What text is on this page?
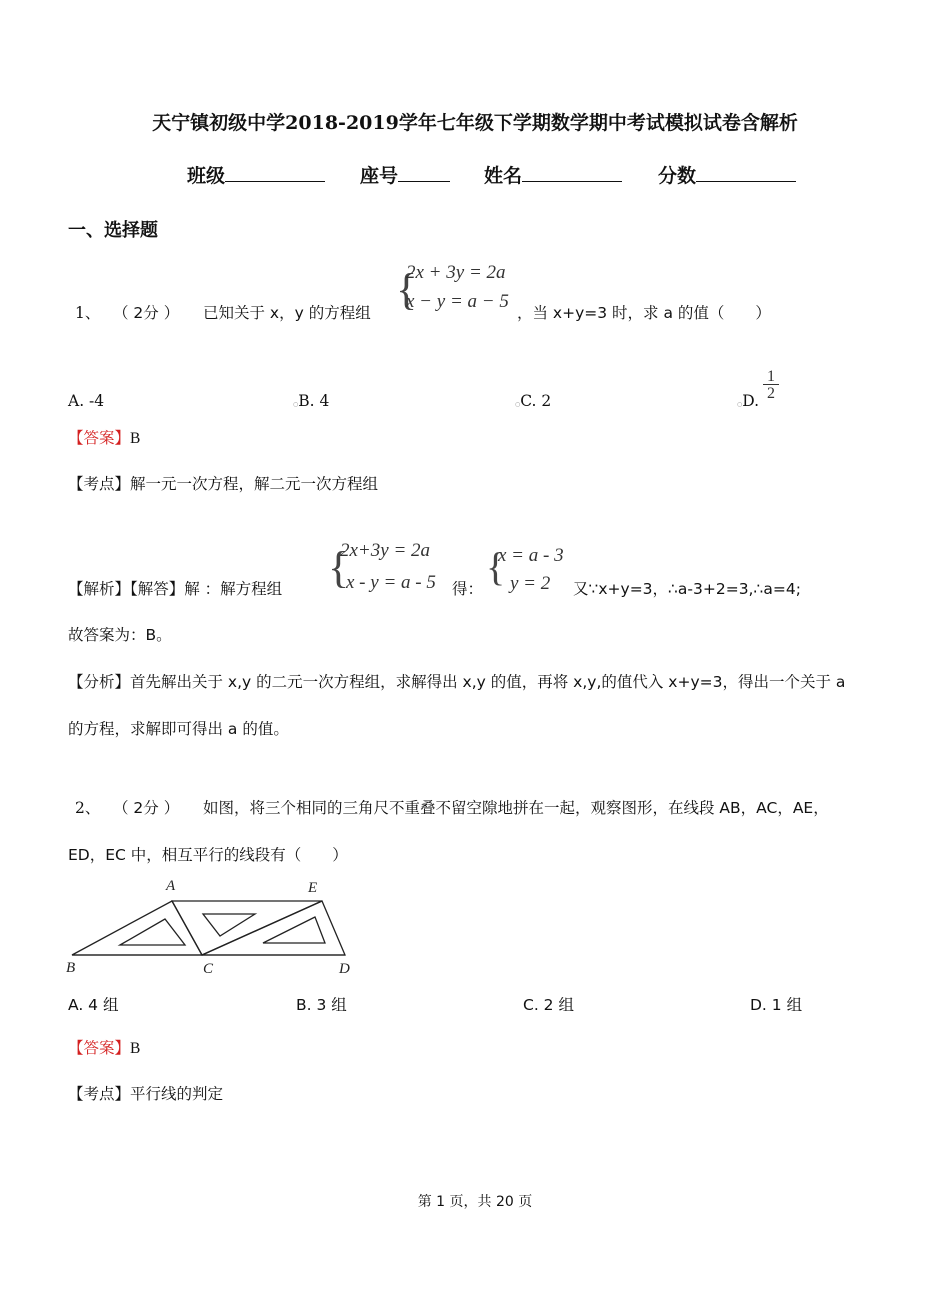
天宁镇初级中学2018-2019学年七年级下学期数学期中考试模拟试卷含解析
班级	座号	姓名	分数
一、选择题
1、 （ 2分 ） 已知关于 x，y 的方程组 {
2x + 3y = 2a
x − y = a − 5
，当 x+y=3 时，求 a 的值（　　）
A. -4	○B. 4	○C. 2	○D. $\frac{1}{2}$
【答案】B
【考点】解一元一次方程，解二元一次方程组
【解析】【解答】解 ：解方程组 {
2x+3y = 2a
x - y = a - 5 得： {
x = a - 3
y = 2 又∵x+y=3，∴a-3+2=3,∴a=4;
故答案为：B。
【分析】首先解出关于 x,y 的二元一次方程组，求解得出 x,y 的值，再将 x,y,的值代入 x+y=3，得出一个关于 a
的方程，求解即可得出 a 的值。
2、 （ 2分 ） 如图，将三个相同的三角尺不重叠不留空隙地拼在一起，观察图形，在线段 AB，AC，AE，
ED，EC 中，相互平行的线段有（　　）
A	E
B	C	D
A. 4 组	B. 3 组	C. 2 组	D. 1 组
【答案】B
【考点】平行线的判定
第 1 页，共 20 页
